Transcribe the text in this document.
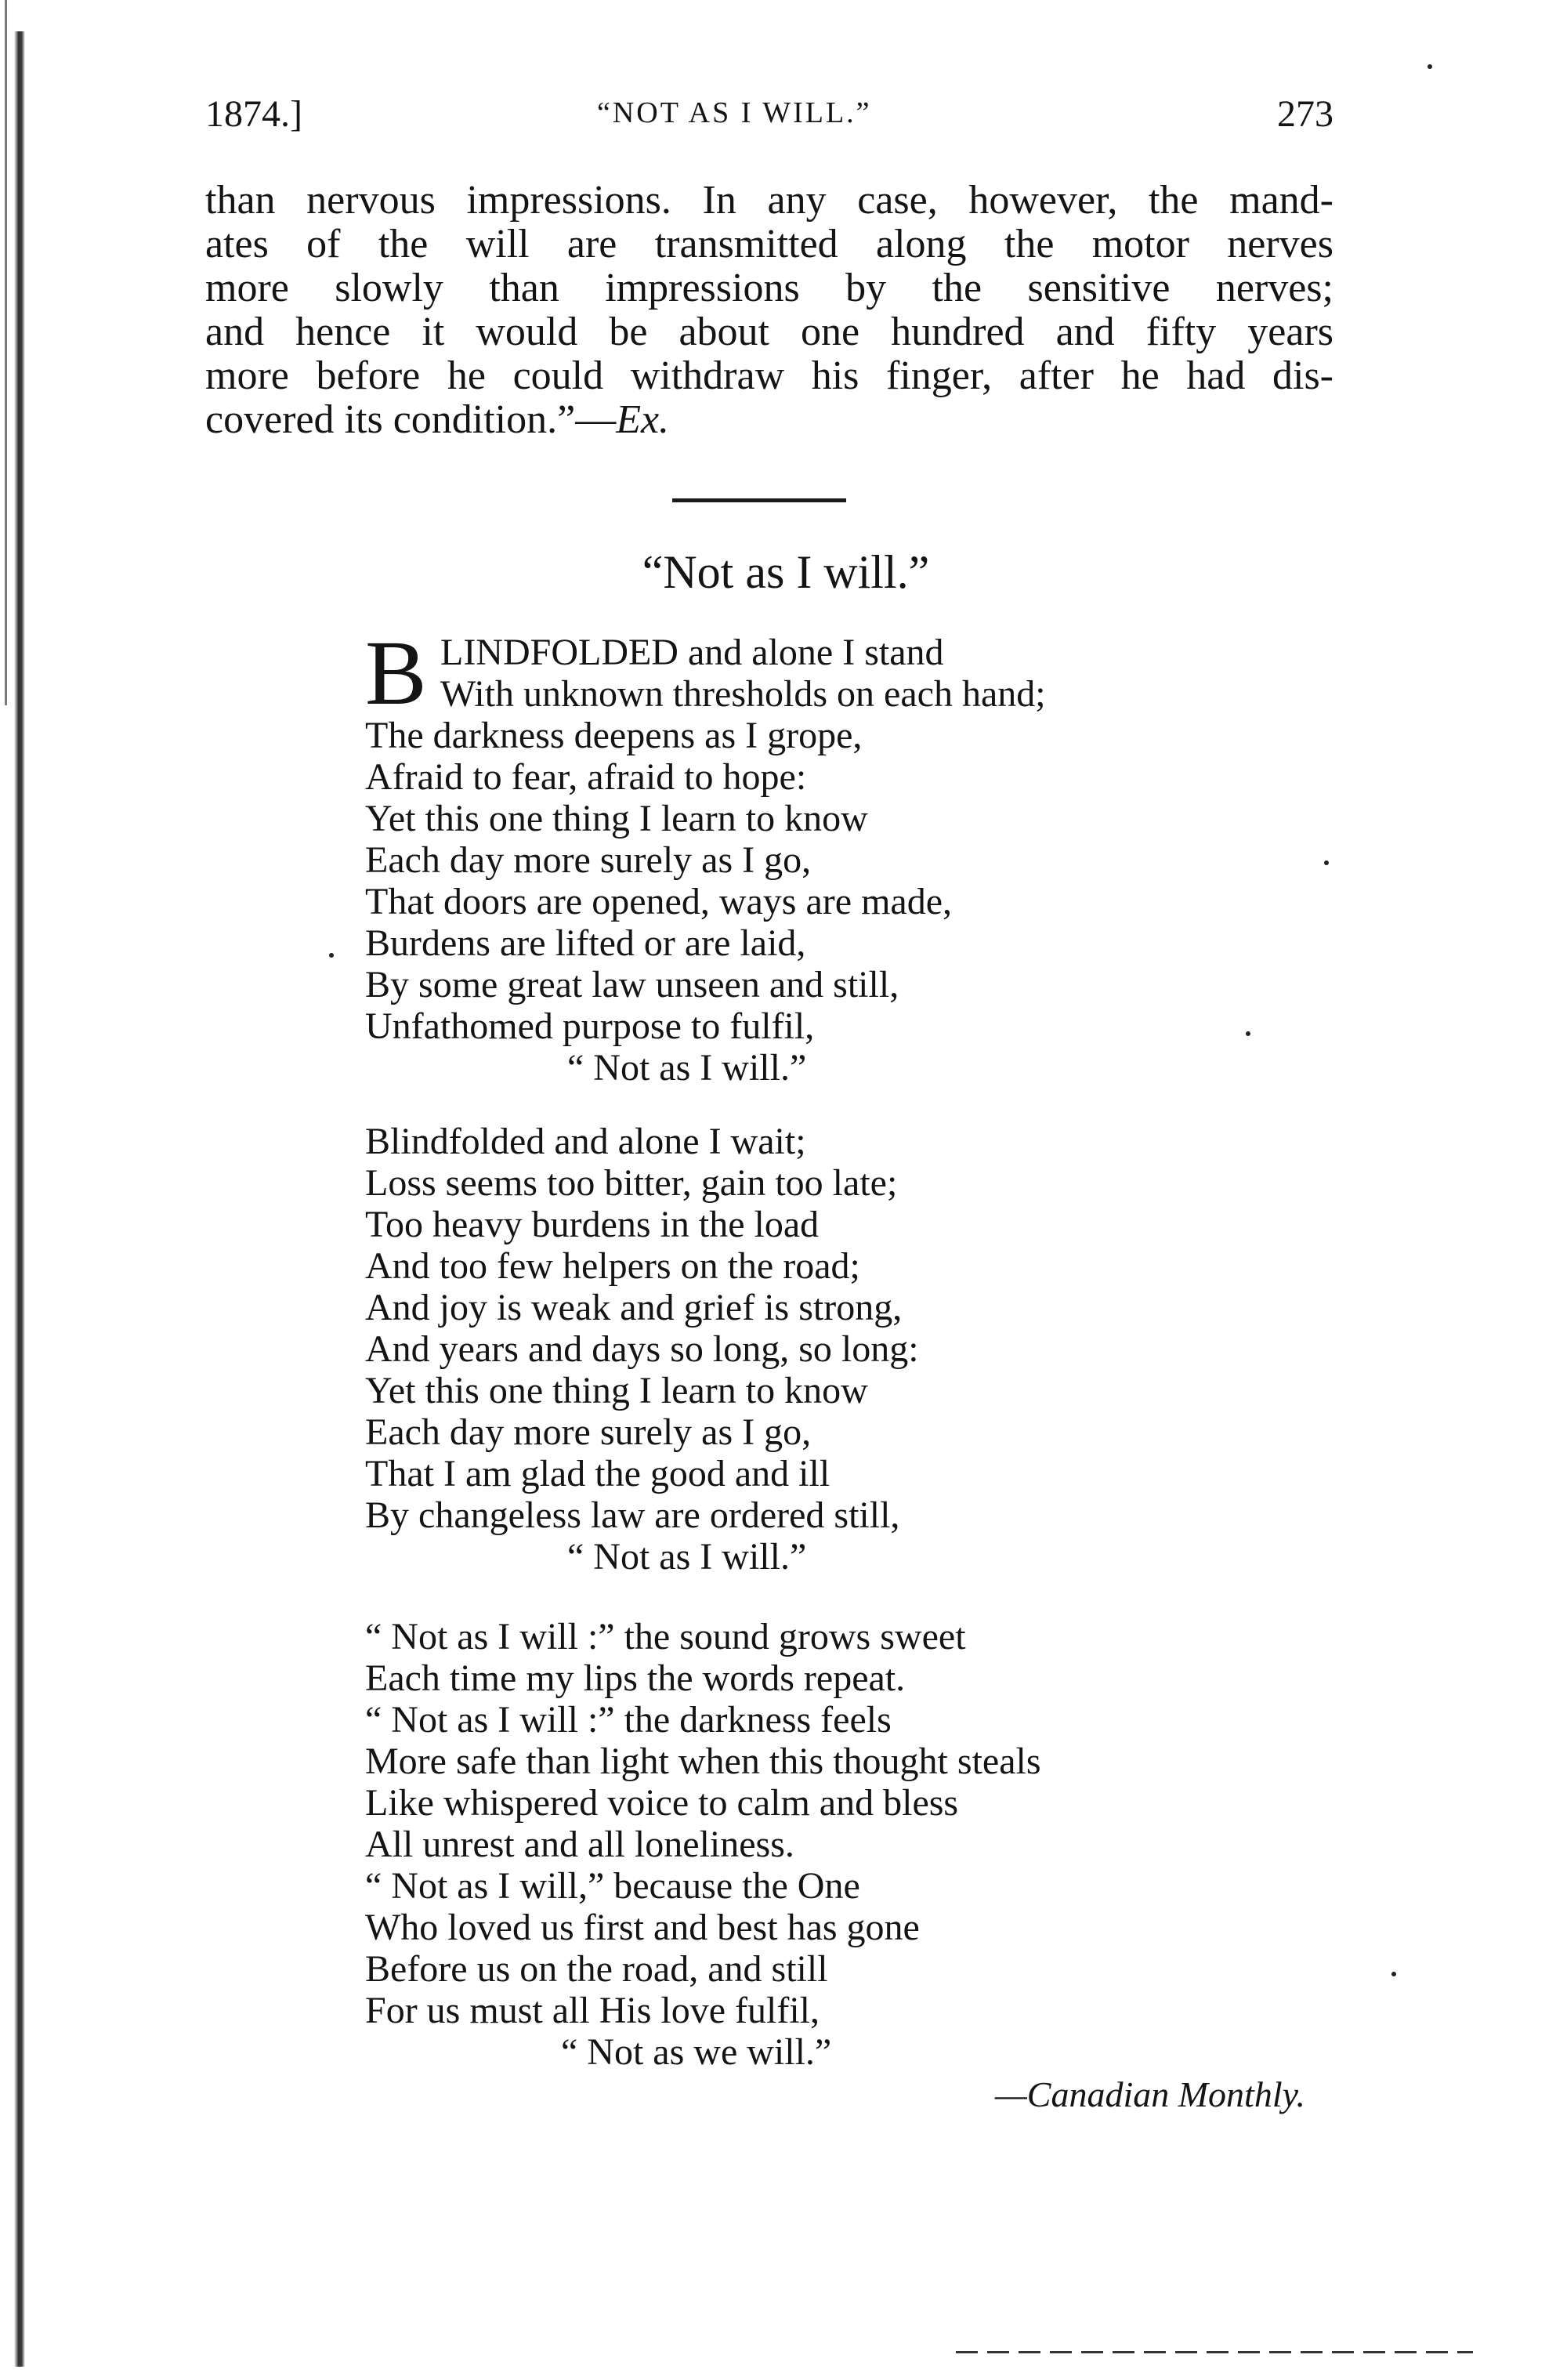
1874.]	“NOT AS I WILL.”	273
than nervous impressions. In any case, however, the mand-
ates of the will are transmitted along the motor nerves
more slowly than impressions by the sensitive nerves;
and hence it would be about one hundred and fifty years
more before he could withdraw his finger, after he had dis-
covered its condition.”—Ex.
“Not as I will.”
B LINDFOLDED and alone I stand
With unknown thresholds on each hand;
The darkness deepens as I grope,
Afraid to fear, afraid to hope:
Yet this one thing I learn to know
Each day more surely as I go,
That doors are opened, ways are made,
Burdens are lifted or are laid,
By some great law unseen and still,
Unfathomed purpose to fulfil,
“ Not as I will.”
Blindfolded and alone I wait;
Loss seems too bitter, gain too late;
Too heavy burdens in the load
And too few helpers on the road;
And joy is weak and grief is strong,
And years and days so long, so long:
Yet this one thing I learn to know
Each day more surely as I go,
That I am glad the good and ill
By changeless law are ordered still,
“ Not as I will.”
“ Not as I will :” the sound grows sweet
Each time my lips the words repeat.
“ Not as I will :” the darkness feels
More safe than light when this thought steals
Like whispered voice to calm and bless
All unrest and all loneliness.
“ Not as I will,” because the One
Who loved us first and best has gone
Before us on the road, and still
For us must all His love fulfil,
“ Not as we will.”
—Canadian Monthly.
